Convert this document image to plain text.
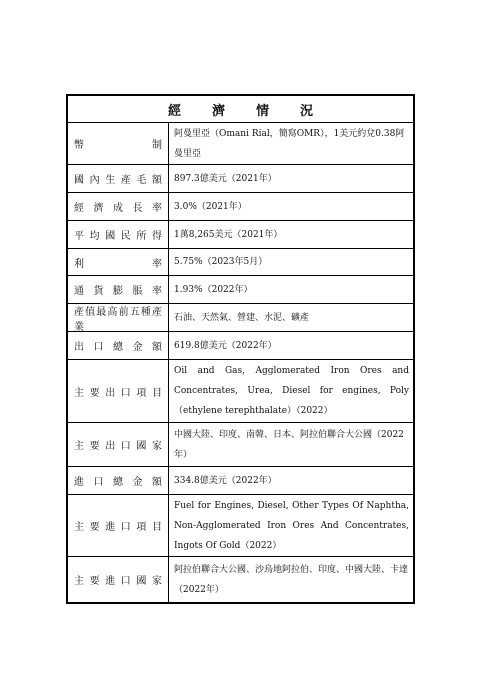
經　濟　情　況
幣　制
阿曼里亞（Omani Rial，簡寫OMR），1美元約兌0.38阿曼里亞
國內生產毛額 897.3億美元（2021年）
經濟成長率 3.0%（2021年）
平均國民所得 1萬8,265美元（2021年）
利　率 5.75%（2023年5月）
通貨膨脹率 1.93%（2022年）
產值最高前五種產業
石油、天然氣、營建、水泥、礦產
出口總金額 619.8億美元（2022年）
主要出口項目
Oil and Gas, Agglomerated Iron Ores and Concentrates, Urea, Diesel for engines, Poly（ethylene terephthalate）（2022）
主要出口國家
中國大陸、印度、南韓、日本、阿拉伯聯合大公國（2022年）
進口總金額 334.8億美元（2022年）
主要進口項目
Fuel for Engines, Diesel, Other Types Of Naphtha, Non-Agglomerated Iron Ores And Concentrates, Ingots Of Gold（2022）
主要進口國家
阿拉伯聯合大公國、沙烏地阿拉伯、印度、中國大陸、卡達（2022年）
